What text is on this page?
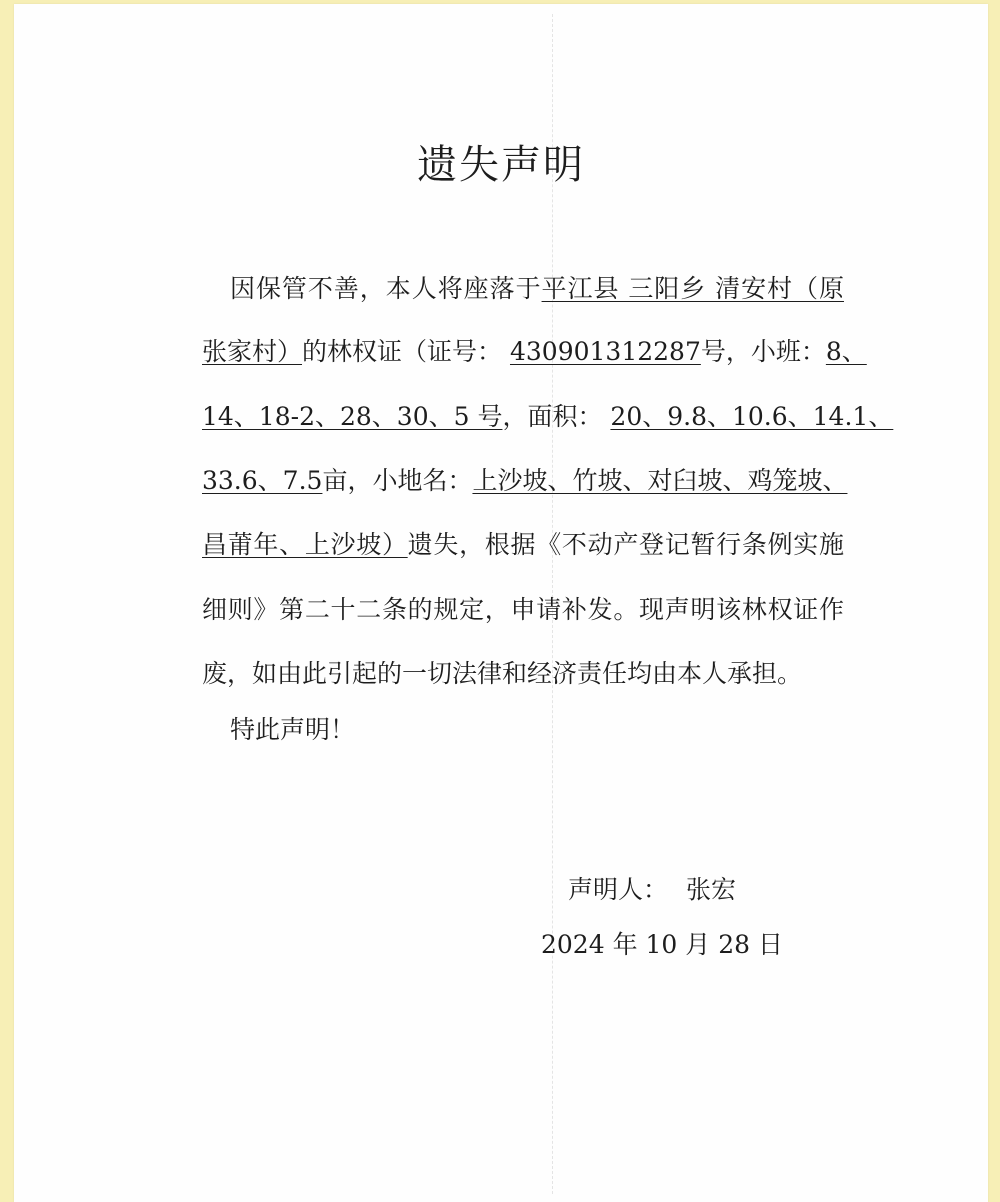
遗失声明
因保管不善，本人将座落于平江县 三阳乡 清安村（原
张家村）的林权证（证号： 430901312287号，小班：8、
14、18-2、28、30、5 号，面积： 20、9.8、10.6、14.1、
33.6、7.5亩，小地名：上沙坡、竹坡、对臼坡、鸡笼坡、
昌莆年、上沙坡）遗失，根据《不动产登记暂行条例实施
细则》第二十二条的规定，申请补发。现声明该林权证作
废，如由此引起的一切法律和经济责任均由本人承担。
特此声明！
声明人： 张宏
2024 年 10 月 28 日
